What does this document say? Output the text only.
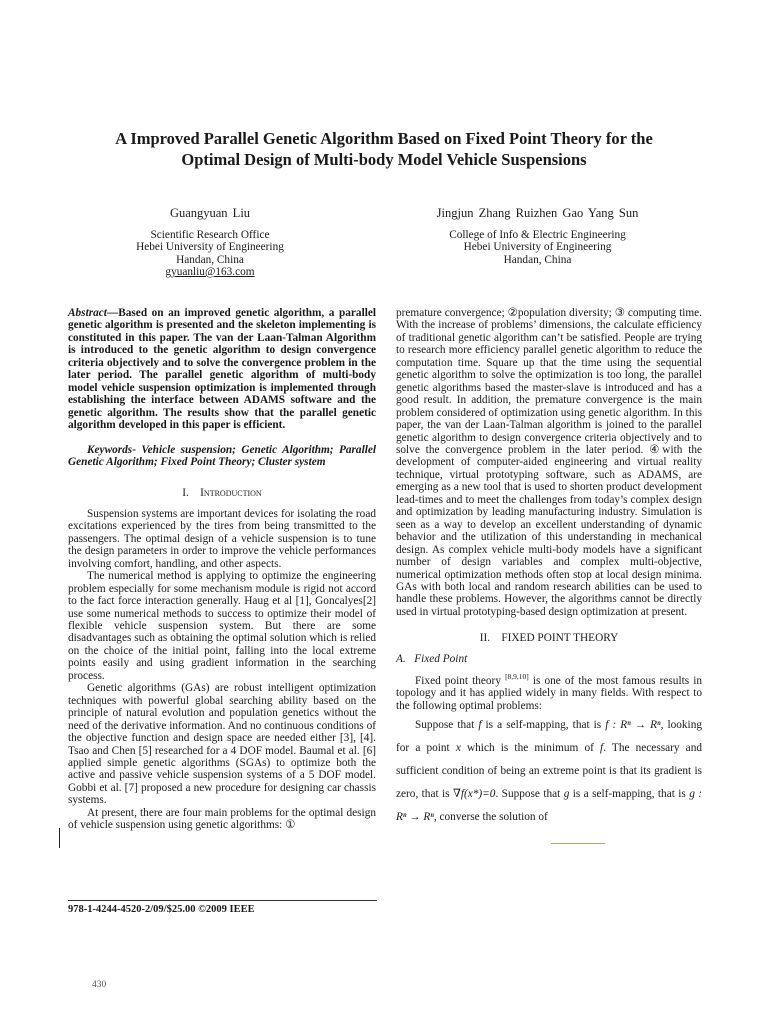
A Improved Parallel Genetic Algorithm Based on Fixed Point Theory for the
Optimal Design of Multi-body Model Vehicle Suspensions
Guangyuan Liu
Scientific Research Office
Hebei University of Engineering
Handan, China
gyuanliu@163.com
Jingjun Zhang Ruizhen Gao Yang Sun
College of Info & Electric Engineering
Hebei University of Engineering
Handan, China

Abstract—Based on an improved genetic algorithm, a parallel genetic algorithm is presented and the skeleton implementing is constituted in this paper. The van der Laan-Talman Algorithm is introduced to the genetic algorithm to design convergence criteria objectively and to solve the convergence problem in the later period. The parallel genetic algorithm of multi-body model vehicle suspension optimization is implemented through establishing the interface between ADAMS software and the genetic algorithm. The results show that the parallel genetic algorithm developed in this paper is efficient.

Keywords- Vehicle suspension; Genetic Algorithm; Parallel Genetic Algorithm; Fixed Point Theory; Cluster system

I. Introduction

Suspension systems are important devices for isolating the road excitations experienced by the tires from being transmitted to the passengers. The optimal design of a vehicle suspension is to tune the design parameters in order to improve the vehicle performances involving comfort, handling, and other aspects.

The numerical method is applying to optimize the engineering problem especially for some mechanism module is rigid not accord to the fact force interaction generally. Haug et al [1], Goncalyes[2] use some numerical methods to success to optimize their model of flexible vehicle suspension system. But there are some disadvantages such as obtaining the optimal solution which is relied on the choice of the initial point, falling into the local extreme points easily and using gradient information in the searching process.

Genetic algorithms (GAs) are robust intelligent optimization techniques with powerful global searching ability based on the principle of natural evolution and population genetics without the need of the derivative information. And no continuous conditions of the objective function and design space are needed either [3], [4]. Tsao and Chen [5] researched for a 4 DOF model. Baumal et al. [6] applied simple genetic algorithms (SGAs) to optimize both the active and passive vehicle suspension systems of a 5 DOF model. Gobbi et al. [7] proposed a new procedure for designing car chassis systems.

At present, there are four main problems for the optimal design of vehicle suspension using genetic algorithms: ①

premature convergence; ②population diversity; ③ computing time. With the increase of problems’ dimensions, the calculate efficiency of traditional genetic algorithm can’t be satisfied. People are trying to research more efficiency parallel genetic algorithm to reduce the computation time. Square up that the time using the sequential genetic algorithm to solve the optimization is too long, the parallel genetic algorithms based the master-slave is introduced and has a good result. In addition, the premature convergence is the main problem considered of optimization using genetic algorithm. In this paper, the van der Laan-Talman algorithm is joined to the parallel genetic algorithm to design convergence criteria objectively and to solve the convergence problem in the later period. ④with the development of computer-aided engineering and virtual reality technique, virtual prototyping software, such as ADAMS, are emerging as a new tool that is used to shorten product development lead-times and to meet the challenges from today’s complex design and optimization by leading manufacturing industry. Simulation is seen as a way to develop an excellent understanding of dynamic behavior and the utilization of this understanding in mechanical design. As complex vehicle multi-body models have a significant number of design variables and complex multi-objective, numerical optimization methods often stop at local design minima. GAs with both local and random research abilities can be used to handle these problems. However, the algorithms cannot be directly used in virtual prototyping-based design optimization at present.

II. FIXED POINT THEORY
A. Fixed Point

Fixed point theory [8,9,10] is one of the most famous results in topology and it has applied widely in many fields. With respect to the following optimal problems:

Suppose that f is a self-mapping, that is f : Rⁿ → Rⁿ, looking for a point x which is the minimum of f. The necessary and sufficient condition of being an extreme point is that its gradient is zero, that is ∇f(x*)=0. Suppose that g is a self-mapping, that is g : Rⁿ → Rⁿ, converse the solution of

978-1-4244-4520-2/09/$25.00 ©2009 IEEE
430
